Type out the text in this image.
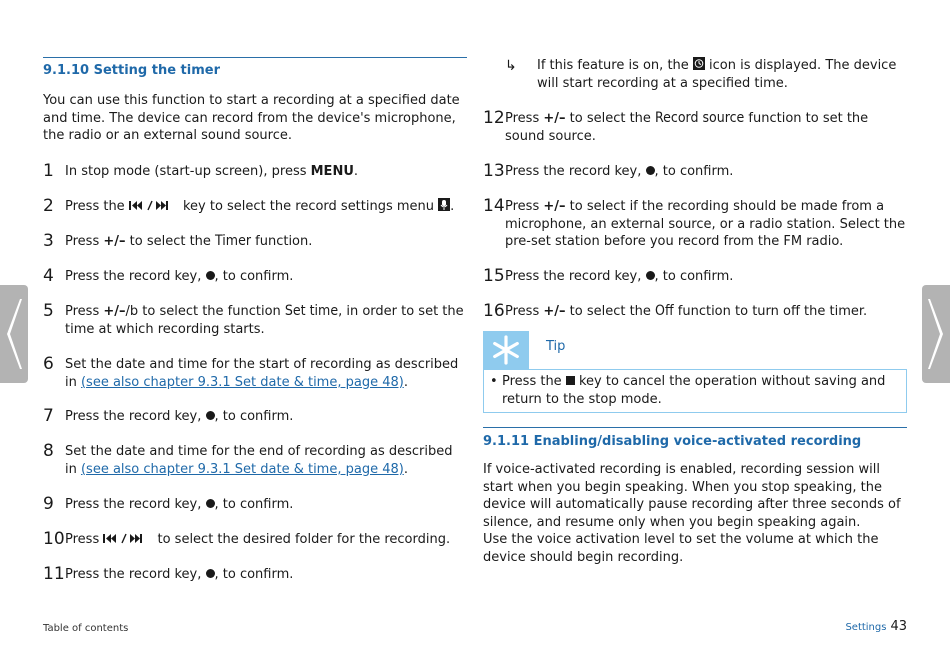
9.1.10 Setting the timer

You can use this function to start a recording at a specified date and time. The device can record from the device's microphone, the radio or an external sound source.

1 In stop mode (start-up screen), press MENU.
2 Press the	key to select the record settings menu .
3 Press +/– to select the Timer function.
4 Press the record key, , to confirm.
5 Press +/–/b to select the function Set time, in order to set the time at which recording starts.
6 Set the date and time for the start of recording as described in (see also chapter 9.3.1 Set date & time, page 48).
7 Press the record key, , to confirm.
8 Set the date and time for the end of recording as described in (see also chapter 9.3.1 Set date & time, page 48).
9 Press the record key, , to confirm.
10 Press	to select the desired folder for the recording.
11 Press the record key, , to confirm.
↳	If this feature is on, the  icon is displayed. The device will start recording at a specified time.
12 Press +/– to select the Record source function to set the sound source.
13 Press the record key, , to confirm.
14 Press +/– to select if the recording should be made from a microphone, an external source, or a radio station. Select the pre-set station before you record from the FM radio.
15 Press the record key, , to confirm.
16 Press +/– to select the Off function to turn off the timer.
Tip
• Press the  key to cancel the operation without saving and return to the stop mode.
9.1.11 Enabling/disabling voice-activated recording

If voice-activated recording is enabled, recording session will start when you begin speaking. When you stop speaking, the device will automatically pause recording after three seconds of silence, and resume only when you begin speaking again.

Use the voice activation level to set the volume at which the device should begin recording.

Table of contents	Settings 43
